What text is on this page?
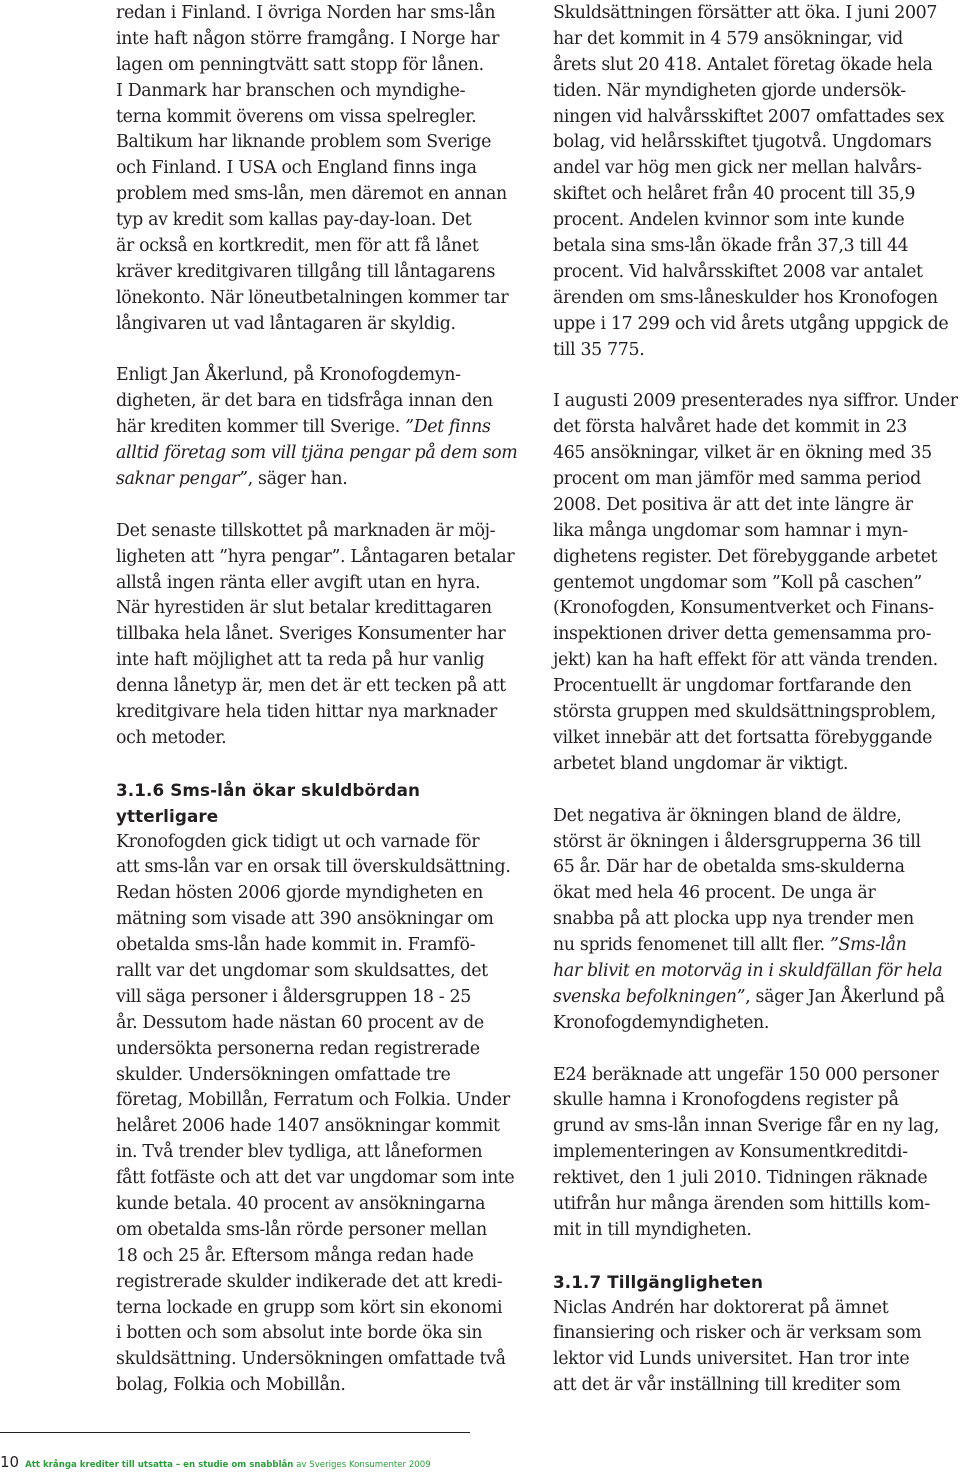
redan i Finland. I övriga Norden har sms-lån
inte haft någon större framgång. I Norge har
lagen om penningtvätt satt stopp för lånen.
I Danmark har branschen och myndighe-
terna kommit överens om vissa spelregler.
Baltikum har liknande problem som Sverige
och Finland. I USA och England finns inga
problem med sms-lån, men däremot en annan
typ av kredit som kallas pay-day-loan. Det
är också en kortkredit, men för att få lånet
kräver kreditgivaren tillgång till låntagarens
lönekonto. När löneutbetalningen kommer tar
långivaren ut vad låntagaren är skyldig.
Enligt Jan Åkerlund, på Kronofogdemyn-
digheten, är det bara en tidsfråga innan den
här krediten kommer till Sverige. ”Det finns
alltid företag som vill tjäna pengar på dem som
saknar pengar”, säger han.
Det senaste tillskottet på marknaden är möj-
ligheten att ”hyra pengar”. Låntagaren betalar
allstå ingen ränta eller avgift utan en hyra.
När hyrestiden är slut betalar kredittagaren
tillbaka hela lånet. Sveriges Konsumenter har
inte haft möjlighet att ta reda på hur vanlig
denna lånetyp är, men det är ett tecken på att
kreditgivare hela tiden hittar nya marknader
och metoder.
3.1.6 Sms-lån ökar skuldbördan
ytterligare
Kronofogden gick tidigt ut och varnade för
att sms-lån var en orsak till överskuldsättning.
Redan hösten 2006 gjorde myndigheten en
mätning som visade att 390 ansökningar om
obetalda sms-lån hade kommit in. Framfö-
rallt var det ungdomar som skuldsattes, det
vill säga personer i åldersgruppen 18 - 25
år. Dessutom hade nästan 60 procent av de
undersökta personerna redan registrerade
skulder. Undersökningen omfattade tre
företag, Mobillån, Ferratum och Folkia. Under
helåret 2006 hade 1407 ansökningar kommit
in. Två trender blev tydliga, att låneformen
fått fotfäste och att det var ungdomar som inte
kunde betala. 40 procent av ansökningarna
om obetalda sms-lån rörde personer mellan
18 och 25 år. Eftersom många redan hade
registrerade skulder indikerade det att kredi-
terna lockade en grupp som kört sin ekonomi
i botten och som absolut inte borde öka sin
skuldsättning. Undersökningen omfattade två
bolag, Folkia och Mobillån.
Skuldsättningen försätter att öka. I juni 2007
har det kommit in 4 579 ansökningar, vid
årets slut 20 418. Antalet företag ökade hela
tiden. När myndigheten gjorde undersök-
ningen vid halvårsskiftet 2007 omfattades sex
bolag, vid helårsskiftet tjugotvå. Ungdomars
andel var hög men gick ner mellan halvårs-
skiftet och helåret från 40 procent till 35,9
procent. Andelen kvinnor som inte kunde
betala sina sms-lån ökade från 37,3 till 44
procent. Vid halvårsskiftet 2008 var antalet
ärenden om sms-låneskulder hos Kronofogen
uppe i 17 299 och vid årets utgång uppgick de
till 35 775.
I augusti 2009 presenterades nya siffror. Under
det första halvåret hade det kommit in 23
465 ansökningar, vilket är en ökning med 35
procent om man jämför med samma period
2008. Det positiva är att det inte längre är
lika många ungdomar som hamnar i myn-
dighetens register. Det förebyggande arbetet
gentemot ungdomar som ”Koll på caschen”
(Kronofogden, Konsumentverket och Finans-
inspektionen driver detta gemensamma pro-
jekt) kan ha haft effekt för att vända trenden.
Procentuellt är ungdomar fortfarande den
största gruppen med skuldsättningsproblem,
vilket innebär att det fortsatta förebyggande
arbetet bland ungdomar är viktigt.
Det negativa är ökningen bland de äldre,
störst är ökningen i åldersgrupperna 36 till
65 år. Där har de obetalda sms-skulderna
ökat med hela 46 procent. De unga är
snabba på att plocka upp nya trender men
nu sprids fenomenet till allt fler. ”Sms-lån
har blivit en motorväg in i skuldfällan för hela
svenska befolkningen”, säger Jan Åkerlund på
Kronofogdemyndigheten.
E24 beräknade att ungefär 150 000 personer
skulle hamna i Kronofogdens register på
grund av sms-lån innan Sverige får en ny lag,
implementeringen av Konsumentkreditdi-
rektivet, den 1 juli 2010. Tidningen räknade
utifrån hur många ärenden som hittills kom-
mit in till myndigheten.
3.1.7 Tillgängligheten
Niclas Andrén har doktorerat på ämnet
finansiering och risker och är verksam som
lektor vid Lunds universitet. Han tror inte
att det är vår inställning till krediter som
10 Att krånga krediter till utsatta – en studie om snabblån av Sveriges Konsumenter 2009
